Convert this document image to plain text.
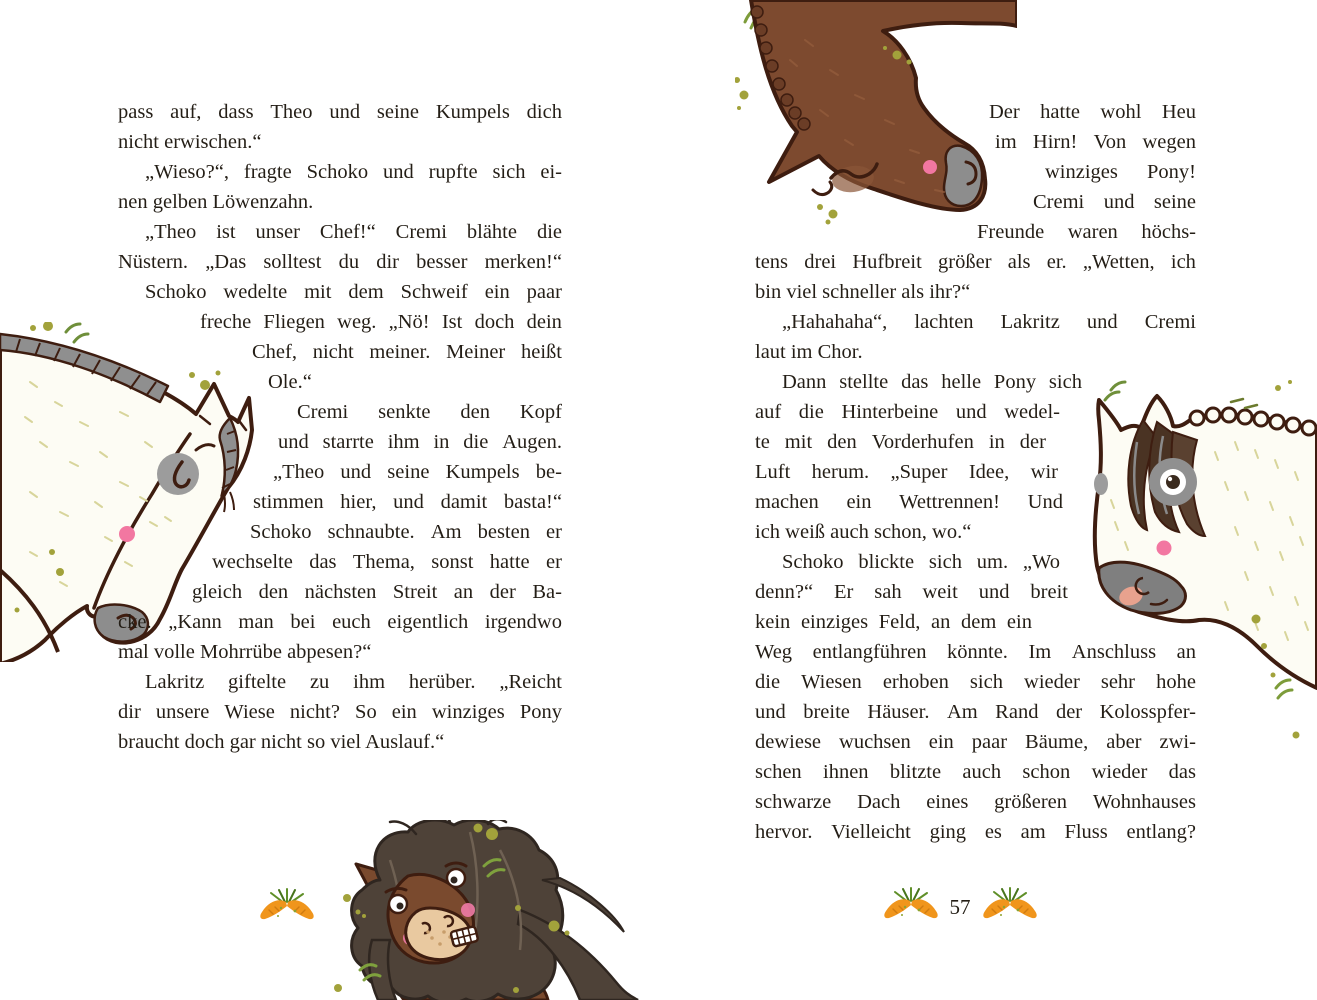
pass auf, dass Theo und seine Kumpels dich
nicht erwischen.“
„Wieso?“, fragte Schoko und rupfte sich ei-
nen gelben Löwenzahn.
„Theo ist unser Chef!“ Cremi blähte die
Nüstern. „Das solltest du dir besser merken!“
Schoko wedelte mit dem Schweif ein paar
freche Fliegen weg. „Nö! Ist doch dein
Chef, nicht meiner. Meiner heißt
Ole.“
Cremi senkte den Kopf
und starrte ihm in die Augen.
„Theo und seine Kumpels be-
stimmen hier, und damit basta!“
Schoko schnaubte. Am besten er
wechselte das Thema, sonst hatte er
gleich den nächsten Streit an der Ba-
cke. „Kann man bei euch eigentlich irgendwo
mal volle Mohrrübe abpesen?“
Lakritz giftelte zu ihm herüber. „Reicht
dir unsere Wiese nicht? So ein winziges Pony
braucht doch gar nicht so viel Auslauf.“
Der hatte wohl Heu
im Hirn! Von wegen
winziges Pony!
Cremi und seine
Freunde waren höchs-
tens drei Hufbreit größer als er. „Wetten, ich
bin viel schneller als ihr?“
„Hahahaha“, lachten Lakritz und Cremi
laut im Chor.
Dann stellte das helle Pony sich
auf die Hinterbeine und wedel-
te mit den Vorderhufen in der
Luft herum. „Super Idee, wir
machen ein Wettrennen! Und
ich weiß auch schon, wo.“
Schoko blickte sich um. „Wo
denn?“ Er sah weit und breit
kein einziges Feld, an dem ein
Weg entlangführen könnte. Im Anschluss an
die Wiesen erhoben sich wieder sehr hohe
und breite Häuser. Am Rand der Kolosspfer-
dewiese wuchsen ein paar Bäume, aber zwi-
schen ihnen blitzte auch schon wieder das
schwarze Dach eines größeren Wohnhauses
hervor. Vielleicht ging es am Fluss entlang?
57
